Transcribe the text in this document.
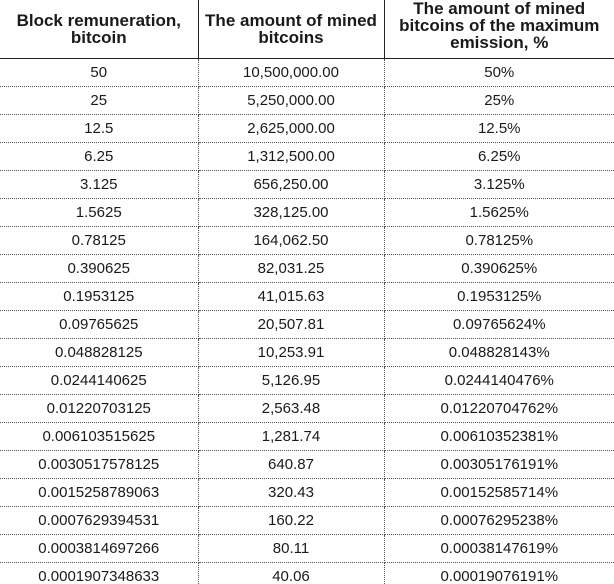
Block remuneration, bitcoin	The amount of mined bitcoins	The amount of mined
bitcoins of the maximum
emission, %

50	10,500,000.00	50%
25	5,250,000.00	25%
12.5	2,625,000.00	12.5%
6.25	1,312,500.00	6.25%
3.125	656,250.00	3.125%
1.5625	328,125.00	1.5625%
0.78125	164,062.50	0.78125%
0.390625	82,031.25	0.390625%
0.1953125	41,015.63	0.1953125%
0.09765625	20,507.81	0.09765624%
0.048828125	10,253.91	0.048828143%
0.0244140625	5,126.95	0.0244140476%
0.01220703125	2,563.48	0.01220704762%
0.006103515625	1,281.74	0.00610352381%
0.0030517578125	640.87	0.00305176191%
0.0015258789063	320.43	0.00152585714%
0.0007629394531	160.22	0.00076295238%
0.0003814697266	80.11	0.00038147619%
0.0001907348633	40.06	0.00019076191%
